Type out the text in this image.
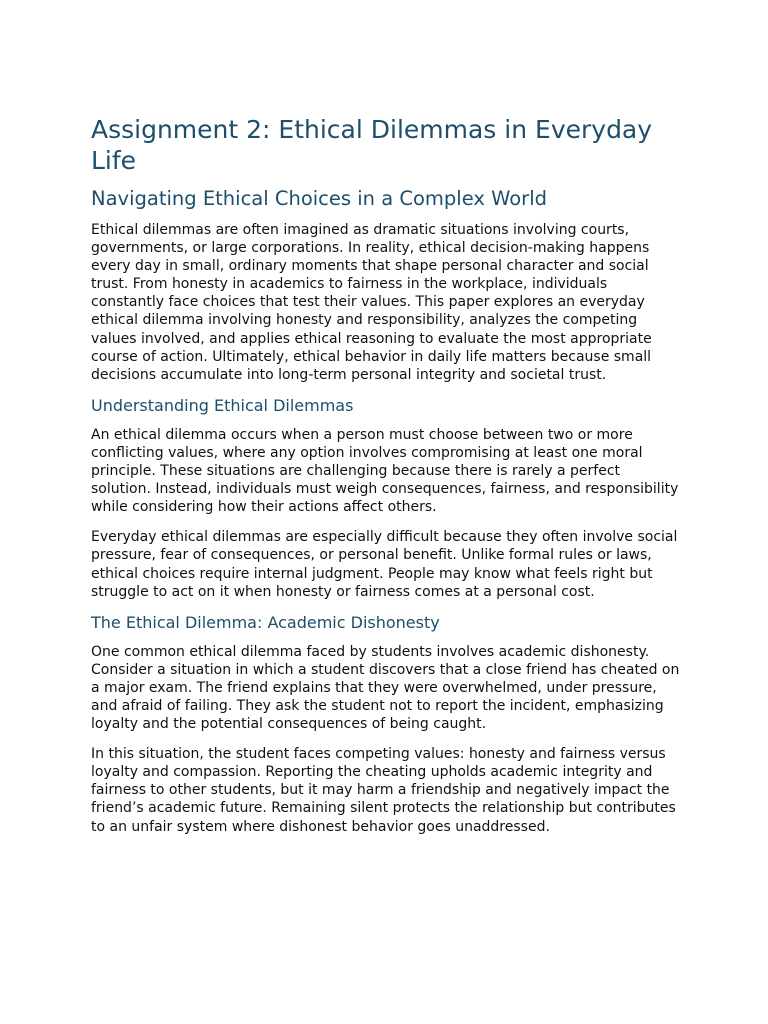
Assignment 2: Ethical Dilemmas in Everyday Life
Navigating Ethical Choices in a Complex World

Ethical dilemmas are often imagined as dramatic situations involving courts, governments, or large corporations. In reality, ethical decision-making happens every day in small, ordinary moments that shape personal character and social trust. From honesty in academics to fairness in the workplace, individuals constantly face choices that test their values. This paper explores an everyday ethical dilemma involving honesty and responsibility, analyzes the competing values involved, and applies ethical reasoning to evaluate the most appropriate course of action. Ultimately, ethical behavior in daily life matters because small decisions accumulate into long-term personal integrity and societal trust.

Understanding Ethical Dilemmas

An ethical dilemma occurs when a person must choose between two or more conflicting values, where any option involves compromising at least one moral principle. These situations are challenging because there is rarely a perfect solution. Instead, individuals must weigh consequences, fairness, and responsibility while considering how their actions affect others.

Everyday ethical dilemmas are especially difficult because they often involve social pressure, fear of consequences, or personal benefit. Unlike formal rules or laws, ethical choices require internal judgment. People may know what feels right but struggle to act on it when honesty or fairness comes at a personal cost.

The Ethical Dilemma: Academic Dishonesty

One common ethical dilemma faced by students involves academic dishonesty. Consider a situation in which a student discovers that a close friend has cheated on a major exam. The friend explains that they were overwhelmed, under pressure, and afraid of failing. They ask the student not to report the incident, emphasizing loyalty and the potential consequences of being caught.

In this situation, the student faces competing values: honesty and fairness versus loyalty and compassion. Reporting the cheating upholds academic integrity and fairness to other students, but it may harm a friendship and negatively impact the friend’s academic future. Remaining silent protects the relationship but contributes to an unfair system where dishonest behavior goes unaddressed.
